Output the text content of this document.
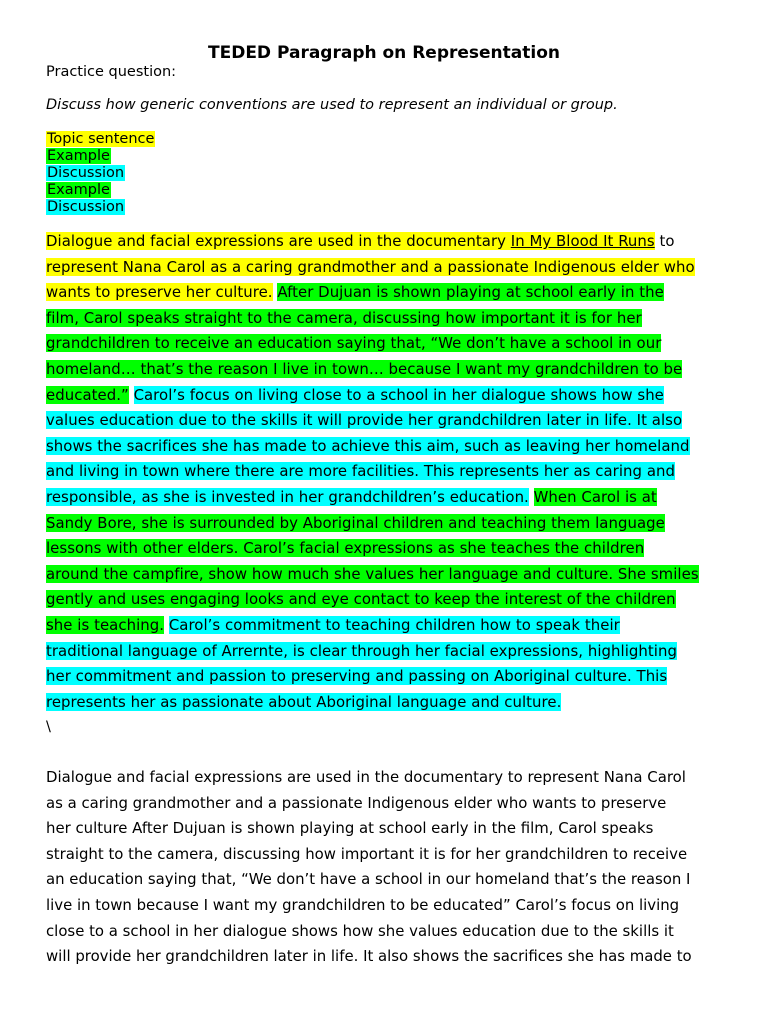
TEDED Paragraph on Representation
Practice question:
Discuss how generic conventions are used to represent an individual or group.
Topic sentence
Example
Discussion
Example
Discussion
Dialogue and facial expressions are used in the documentary In My Blood It Runs to
represent Nana Carol as a caring grandmother and a passionate Indigenous elder who
wants to preserve her culture. After Dujuan is shown playing at school early in the
film, Carol speaks straight to the camera, discussing how important it is for her
grandchildren to receive an education saying that, “We don’t have a school in our
homeland… that’s the reason I live in town… because I want my grandchildren to be
educated.” Carol’s focus on living close to a school in her dialogue shows how she
values education due to the skills it will provide her grandchildren later in life. It also
shows the sacrifices she has made to achieve this aim, such as leaving her homeland
and living in town where there are more facilities. This represents her as caring and
responsible, as she is invested in her grandchildren’s education. When Carol is at
Sandy Bore, she is surrounded by Aboriginal children and teaching them language
lessons with other elders. Carol’s facial expressions as she teaches the children
around the campfire, show how much she values her language and culture. She smiles
gently and uses engaging looks and eye contact to keep the interest of the children
she is teaching. Carol’s commitment to teaching children how to speak their
traditional language of Arrernte, is clear through her facial expressions, highlighting
her commitment and passion to preserving and passing on Aboriginal culture. This
represents her as passionate about Aboriginal language and culture.
\
Dialogue and facial expressions are used in the documentary to represent Nana Carol
as a caring grandmother and a passionate Indigenous elder who wants to preserve
her culture After Dujuan is shown playing at school early in the film, Carol speaks
straight to the camera, discussing how important it is for her grandchildren to receive
an education saying that, “We don’t have a school in our homeland that’s the reason I
live in town because I want my grandchildren to be educated” Carol’s focus on living
close to a school in her dialogue shows how she values education due to the skills it
will provide her grandchildren later in life. It also shows the sacrifices she has made to
